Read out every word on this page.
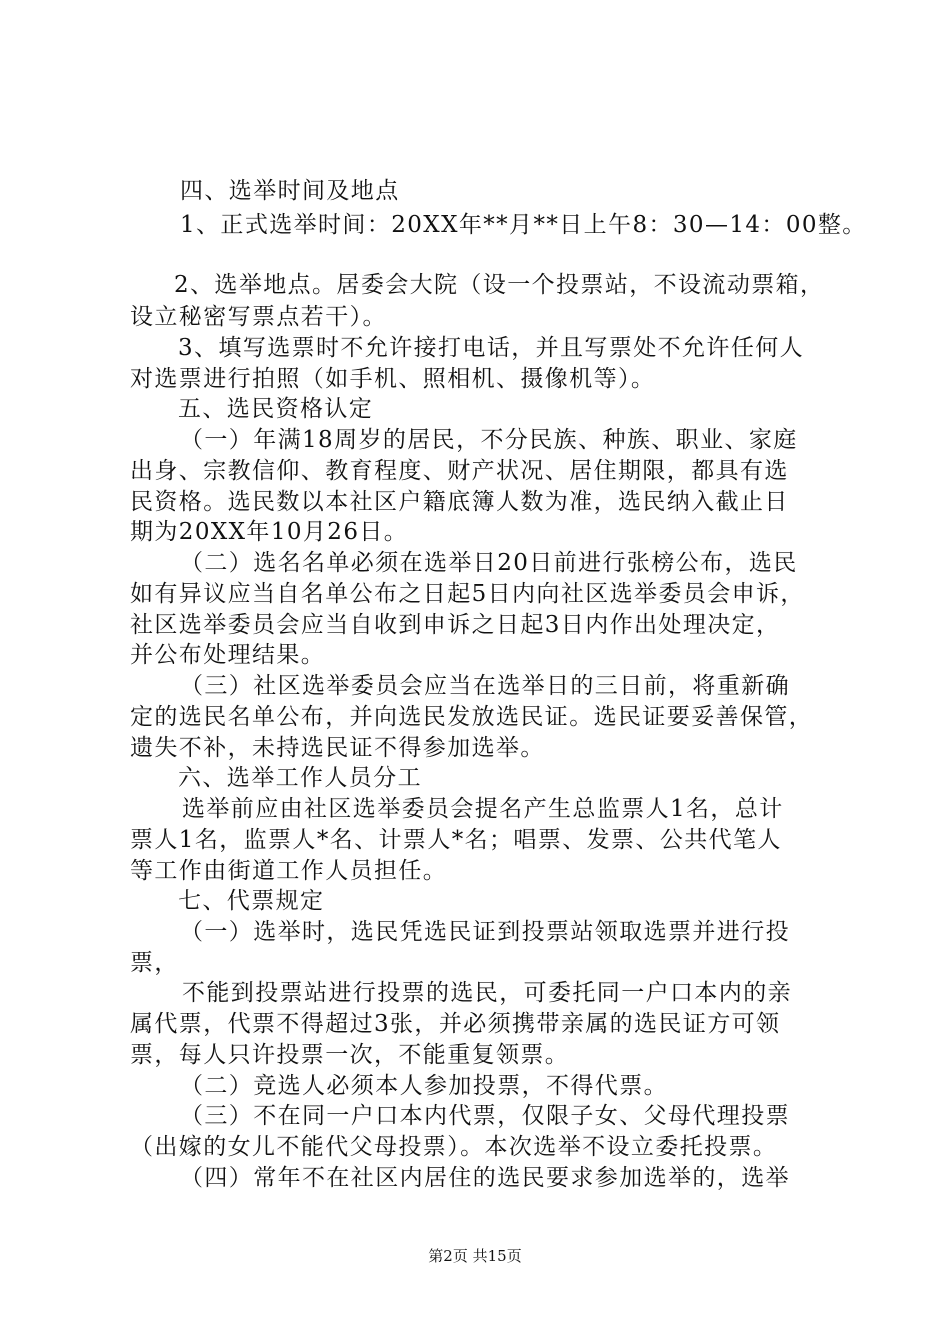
四、选举时间及地点
1、正式选举时间：20XX年**月**日上午8：30—14：00整。
2、选举地点。居委会大院（设一个投票站，不设流动票箱，
设立秘密写票点若干）。
3、填写选票时不允许接打电话，并且写票处不允许任何人
对选票进行拍照（如手机、照相机、摄像机等）。
五、选民资格认定
（一）年满18周岁的居民，不分民族、种族、职业、家庭
出身、宗教信仰、教育程度、财产状况、居住期限，都具有选
民资格。选民数以本社区户籍底簿人数为准，选民纳入截止日
期为20XX年10月26日。
（二）选名名单必须在选举日20日前进行张榜公布，选民
如有异议应当自名单公布之日起5日内向社区选举委员会申诉，
社区选举委员会应当自收到申诉之日起3日内作出处理决定，
并公布处理结果。
（三）社区选举委员会应当在选举日的三日前，将重新确
定的选民名单公布，并向选民发放选民证。选民证要妥善保管，
遗失不补，未持选民证不得参加选举。
六、选举工作人员分工
选举前应由社区选举委员会提名产生总监票人1名，总计
票人1名，监票人*名、计票人*名；唱票、发票、公共代笔人
等工作由街道工作人员担任。
七、代票规定
（一）选举时，选民凭选民证到投票站领取选票并进行投
票，
不能到投票站进行投票的选民，可委托同一户口本内的亲
属代票，代票不得超过3张，并必须携带亲属的选民证方可领
票，每人只许投票一次，不能重复领票。
（二）竞选人必须本人参加投票，不得代票。
（三）不在同一户口本内代票，仅限子女、父母代理投票
（出嫁的女儿不能代父母投票）。本次选举不设立委托投票。
（四）常年不在社区内居住的选民要求参加选举的，选举
第2页 共15页
